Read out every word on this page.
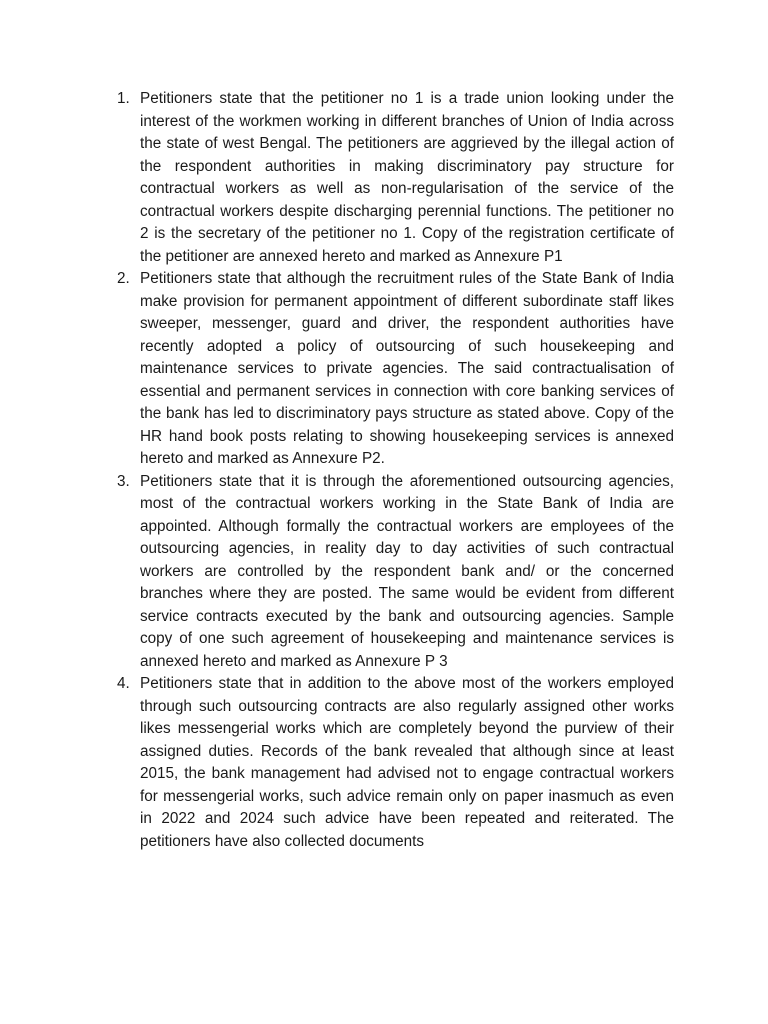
1. Petitioners state that the petitioner no 1 is a trade union looking under the interest of the workmen working in different branches of Union of India across the state of west Bengal. The petitioners are aggrieved by the illegal action of the respondent authorities in making discriminatory pay structure for contractual workers as well as non-regularisation of the service of the contractual workers despite discharging perennial functions. The petitioner no 2 is the secretary of the petitioner no 1. Copy of the registration certificate of the petitioner are annexed hereto and marked as Annexure P1
2. Petitioners state that although the recruitment rules of the State Bank of India make provision for permanent appointment of different subordinate staff likes sweeper, messenger, guard and driver, the respondent authorities have recently adopted a policy of outsourcing of such housekeeping and maintenance services to private agencies. The said contractualisation of essential and permanent services in connection with core banking services of the bank has led to discriminatory pays structure as stated above. Copy of the HR hand book posts relating to showing housekeeping services is annexed hereto and marked as Annexure P2.
3. Petitioners state that it is through the aforementioned outsourcing agencies, most of the contractual workers working in the State Bank of India are appointed. Although formally the contractual workers are employees of the outsourcing agencies, in reality day to day activities of such contractual workers are controlled by the respondent bank and/ or the concerned branches where they are posted. The same would be evident from different service contracts executed by the bank and outsourcing agencies. Sample copy of one such agreement of housekeeping and maintenance services is annexed hereto and marked as Annexure P 3
4. Petitioners state that in addition to the above most of the workers employed through such outsourcing contracts are also regularly assigned other works likes messengerial works which are completely beyond the purview of their assigned duties. Records of the bank revealed that although since at least 2015, the bank management had advised not to engage contractual workers for messengerial works, such advice remain only on paper inasmuch as even in 2022 and 2024 such advice have been repeated and reiterated. The petitioners have also collected documents
